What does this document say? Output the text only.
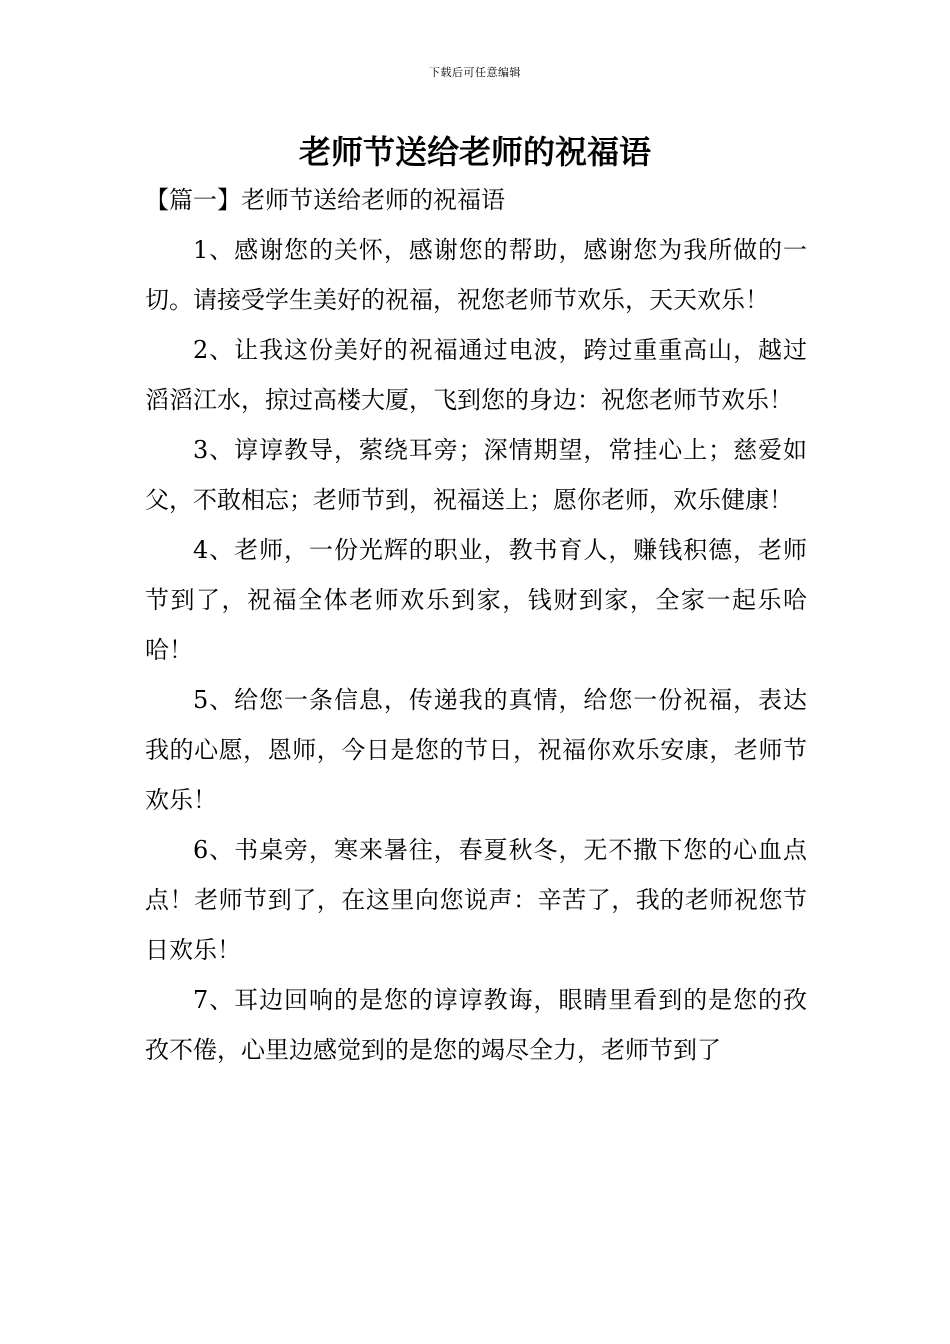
下载后可任意编辑
老师节送给老师的祝福语
【篇一】老师节送给老师的祝福语

1、感谢您的关怀，感谢您的帮助，感谢您为我所做的一切。请接受学生美好的祝福，祝您老师节欢乐，天天欢乐！

2、让我这份美好的祝福通过电波，跨过重重高山，越过滔滔江水，掠过高楼大厦，飞到您的身边：祝您老师节欢乐！

3、谆谆教导，萦绕耳旁；深情期望，常挂心上；慈爱如父，不敢相忘；老师节到，祝福送上；愿你老师，欢乐健康！

4、老师，一份光辉的职业，教书育人，赚钱积德，老师节到了，祝福全体老师欢乐到家，钱财到家，全家一起乐哈哈！

5、给您一条信息，传递我的真情，给您一份祝福，表达我的心愿，恩师，今日是您的节日，祝福你欢乐安康，老师节欢乐！

6、书桌旁，寒来暑往，春夏秋冬，无不撒下您的心血点点！老师节到了，在这里向您说声：辛苦了，我的老师祝您节日欢乐！

7、耳边回响的是您的谆谆教诲，眼睛里看到的是您的孜孜不倦，心里边感觉到的是您的竭尽全力，老师节到了
